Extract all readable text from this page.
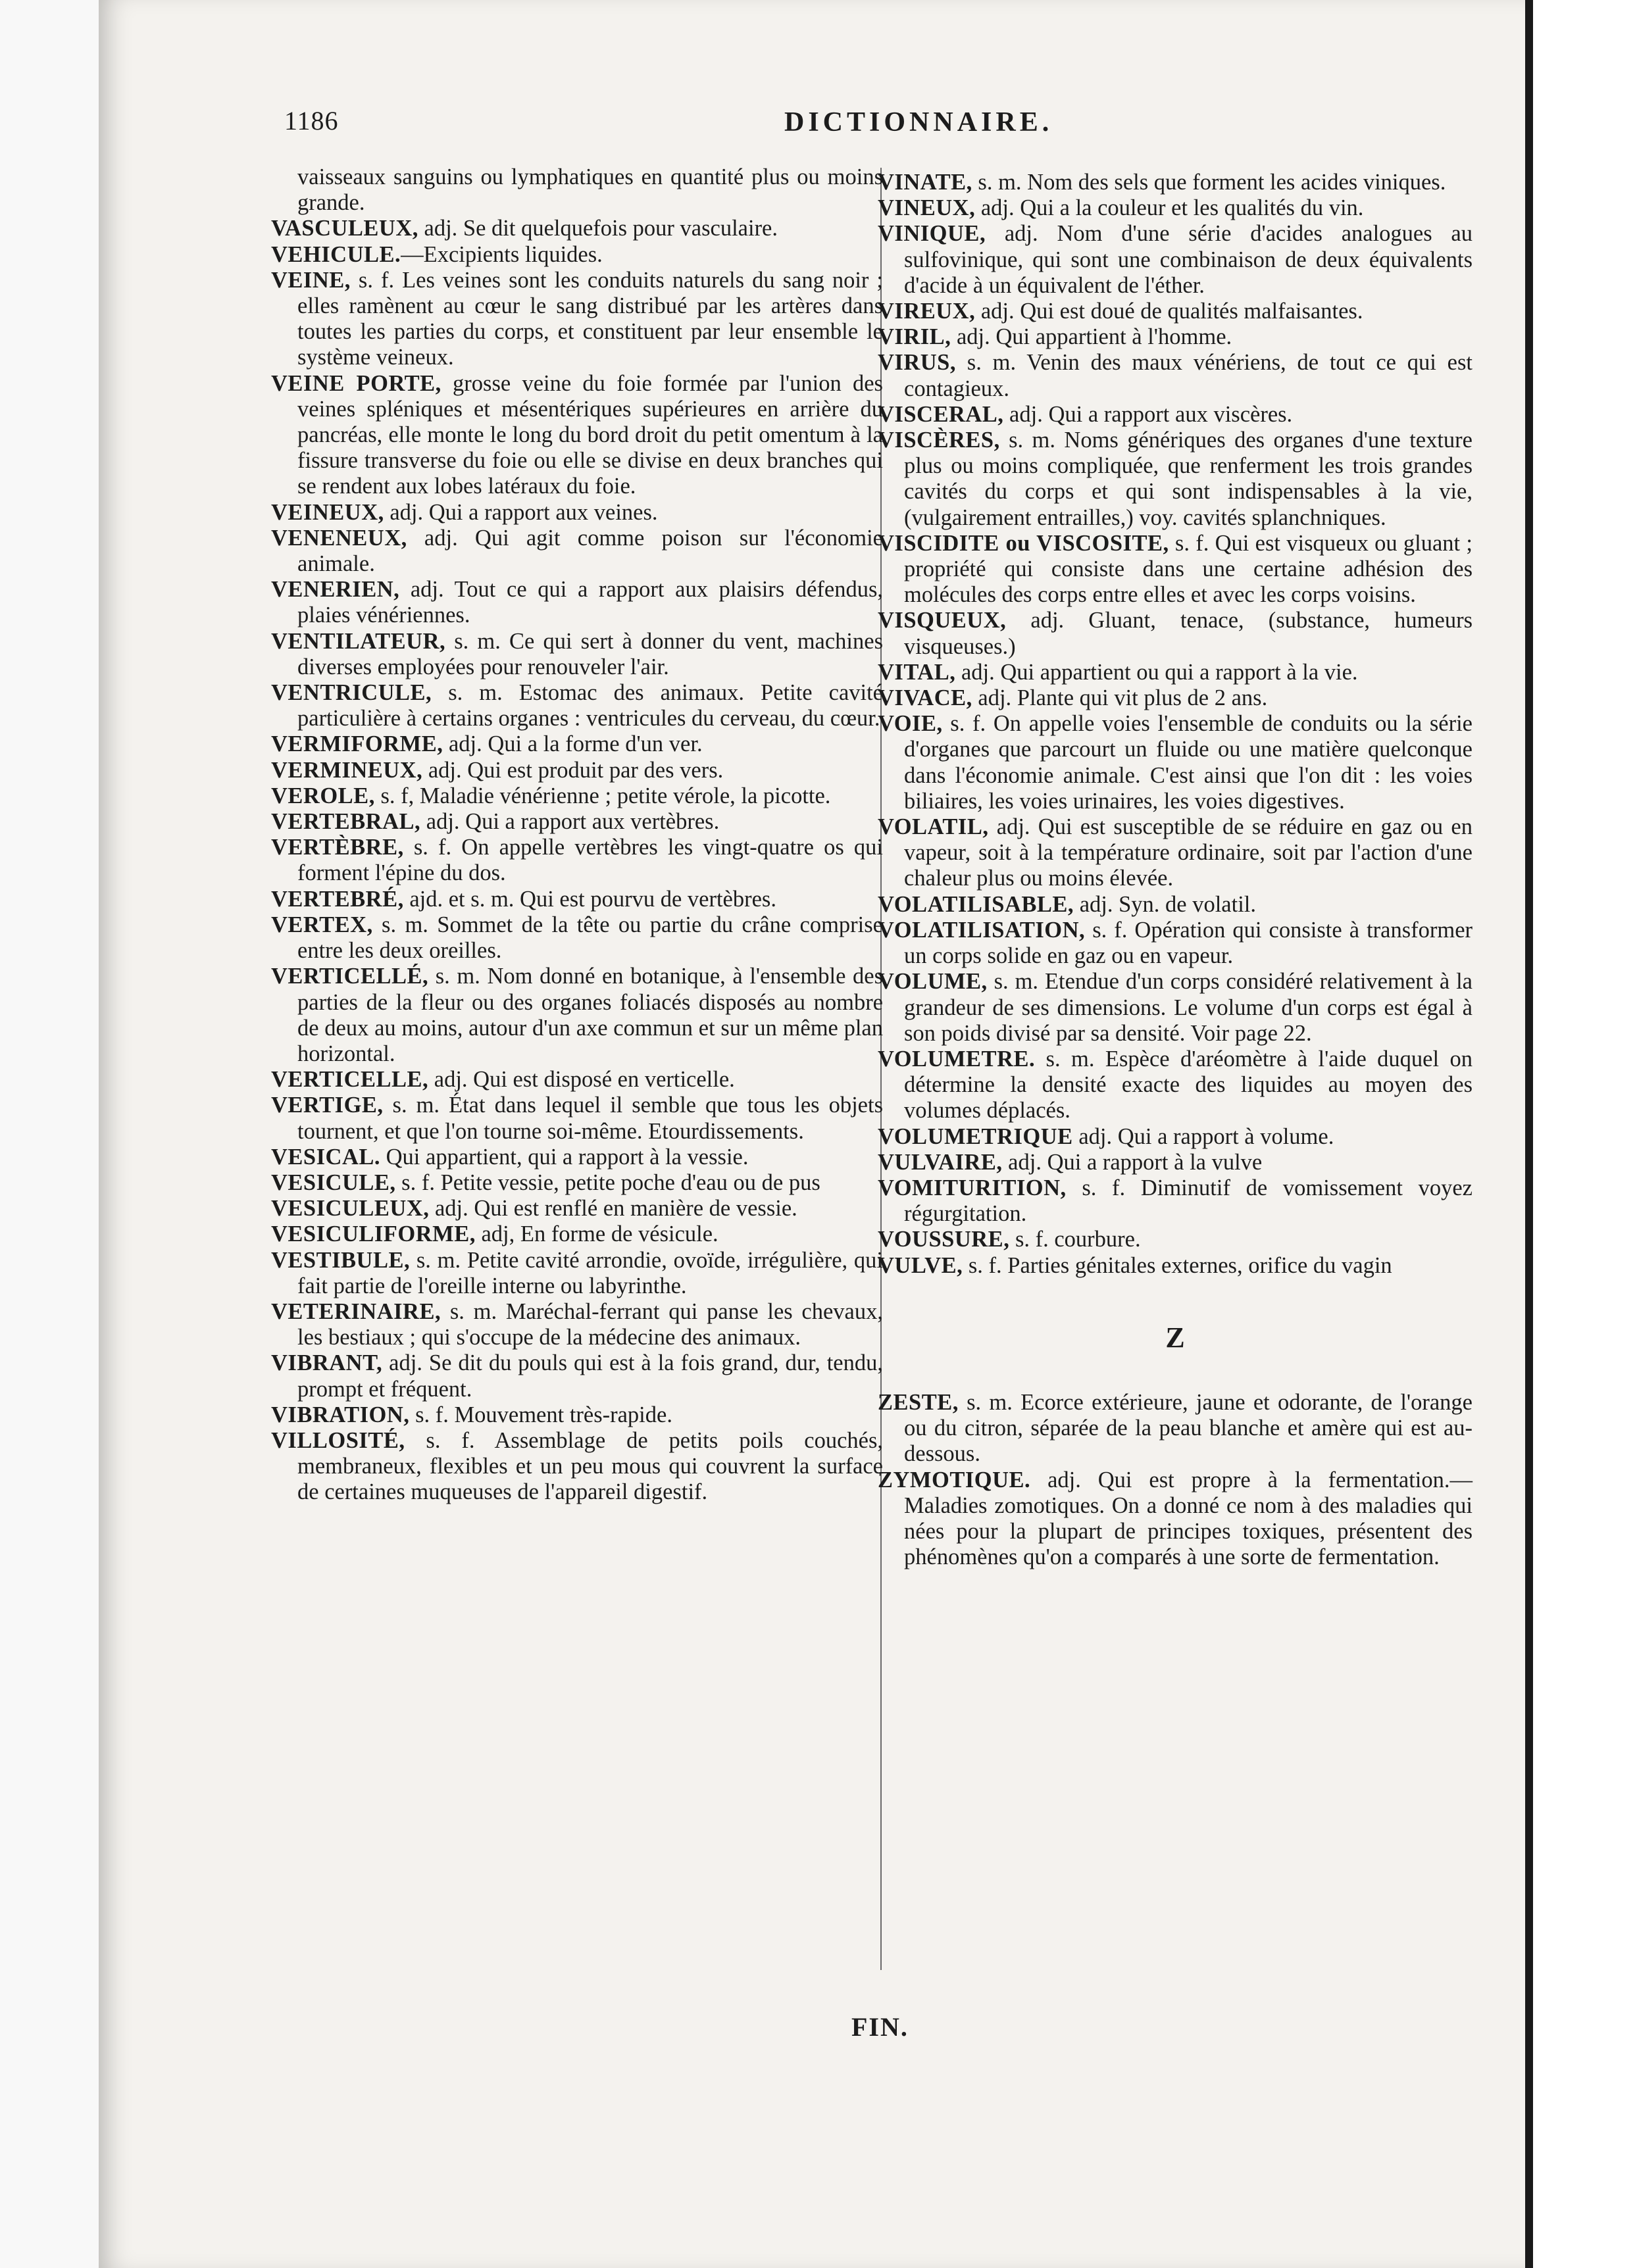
1186	DICTIONNAIRE.

vaisseaux sanguins ou lymphatiques en quantité plus ou moins grande.

VASCULEUX, adj. Se dit quelquefois pour vasculaire.

VEHICULE.—Excipients liquides.

VEINE, s. f. Les veines sont les conduits naturels du sang noir ; elles ramènent au cœur le sang distribué par les artères dans toutes les parties du corps, et constituent par leur ensemble le système veineux.

VEINE PORTE, grosse veine du foie formée par l'union des veines spléniques et mésentériques supérieures en arrière du pancréas, elle monte le long du bord droit du petit omentum à la fissure transverse du foie ou elle se divise en deux branches qui se rendent aux lobes latéraux du foie.

VEINEUX, adj. Qui a rapport aux veines.

VENENEUX, adj. Qui agit comme poison sur l'économie animale.

VENERIEN, adj. Tout ce qui a rapport aux plaisirs défendus, plaies vénériennes.

VENTILATEUR, s. m. Ce qui sert à donner du vent, machines diverses employées pour renouveler l'air.

VENTRICULE, s. m. Estomac des animaux. Petite cavité particulière à certains organes : ventricules du cerveau, du cœur.

VERMIFORME, adj. Qui a la forme d'un ver.

VERMINEUX, adj. Qui est produit par des vers.

VEROLE, s. f, Maladie vénérienne ; petite vérole, la picotte.

VERTEBRAL, adj. Qui a rapport aux vertèbres.

VERTÈBRE, s. f. On appelle vertèbres les vingt-quatre os qui forment l'épine du dos.

VERTEBRÉ, ajd. et s. m. Qui est pourvu de vertèbres.

VERTEX, s. m. Sommet de la tête ou partie du crâne comprise entre les deux oreilles.

VERTICELLÉ, s. m. Nom donné en botanique, à l'ensemble des parties de la fleur ou des organes foliacés disposés au nombre de deux au moins, autour d'un axe commun et sur un même plan horizontal.

VERTICELLE, adj. Qui est disposé en verticelle.

VERTIGE, s. m. État dans lequel il semble que tous les objets tournent, et que l'on tourne soi-même. Etourdissements.

VESICAL. Qui appartient, qui a rapport à la vessie.

VESICULE, s. f. Petite vessie, petite poche d'eau ou de pus

VESICULEUX, adj. Qui est renflé en manière de vessie.

VESICULIFORME, adj, En forme de vésicule.

VESTIBULE, s. m. Petite cavité arrondie, ovoïde, irrégulière, qui fait partie de l'oreille interne ou labyrinthe.

VETERINAIRE, s. m. Maréchal-ferrant qui panse les chevaux, les bestiaux ; qui s'occupe de la médecine des animaux.

VIBRANT, adj. Se dit du pouls qui est à la fois grand, dur, tendu, prompt et fréquent.

VIBRATION, s. f. Mouvement très-rapide.

VILLOSITÉ, s. f. Assemblage de petits poils couchés, membraneux, flexibles et un peu mous qui couvrent la surface de certaines muqueuses de l'appareil digestif.

VINATE, s. m. Nom des sels que forment les acides viniques.

VINEUX, adj. Qui a la couleur et les qualités du vin.

VINIQUE, adj. Nom d'une série d'acides analogues au sulfovinique, qui sont une combinaison de deux équivalents d'acide à un équivalent de l'éther.

VIREUX, adj. Qui est doué de qualités malfaisantes.

VIRIL, adj. Qui appartient à l'homme.

VIRUS, s. m. Venin des maux vénériens, de tout ce qui est contagieux.

VISCERAL, adj. Qui a rapport aux viscères.

VISCÈRES, s. m. Noms génériques des organes d'une texture plus ou moins compliquée, que renferment les trois grandes cavités du corps et qui sont indispensables à la vie, (vulgairement entrailles,) voy. cavités splanchniques.

VISCIDITE ou VISCOSITE, s. f. Qui est visqueux ou gluant ; propriété qui consiste dans une certaine adhésion des molécules des corps entre elles et avec les corps voisins.

VISQUEUX, adj. Gluant, tenace, (substance, humeurs visqueuses.)

VITAL, adj. Qui appartient ou qui a rapport à la vie.

VIVACE, adj. Plante qui vit plus de 2 ans.

VOIE, s. f. On appelle voies l'ensemble de conduits ou la série d'organes que parcourt un fluide ou une matière quelconque dans l'économie animale. C'est ainsi que l'on dit : les voies biliaires, les voies urinaires, les voies digestives.

VOLATIL, adj. Qui est susceptible de se réduire en gaz ou en vapeur, soit à la température ordinaire, soit par l'action d'une chaleur plus ou moins élevée.

VOLATILISABLE, adj. Syn. de volatil.

VOLATILISATION, s. f. Opération qui consiste à transformer un corps solide en gaz ou en vapeur.

VOLUME, s. m. Etendue d'un corps considéré relativement à la grandeur de ses dimensions. Le volume d'un corps est égal à son poids divisé par sa densité. Voir page 22.

VOLUMETRE. s. m. Espèce d'aréomètre à l'aide duquel on détermine la densité exacte des liquides au moyen des volumes déplacés.

VOLUMETRIQUE adj. Qui a rapport à volume.

VULVAIRE, adj. Qui a rapport à la vulve

VOMITURITION, s. f. Diminutif de vomissement voyez régurgitation.

VOUSSURE, s. f. courbure.

VULVE, s. f. Parties génitales externes, orifice du vagin

Z

ZESTE, s. m. Ecorce extérieure, jaune et odorante, de l'orange ou du citron, séparée de la peau blanche et amère qui est au-dessous.

ZYMOTIQUE. adj. Qui est propre à la fermentation.—Maladies zomotiques. On a donné ce nom à des maladies qui nées pour la plupart de principes toxiques, présentent des phénomènes qu'on a comparés à une sorte de fermentation.

FIN.
